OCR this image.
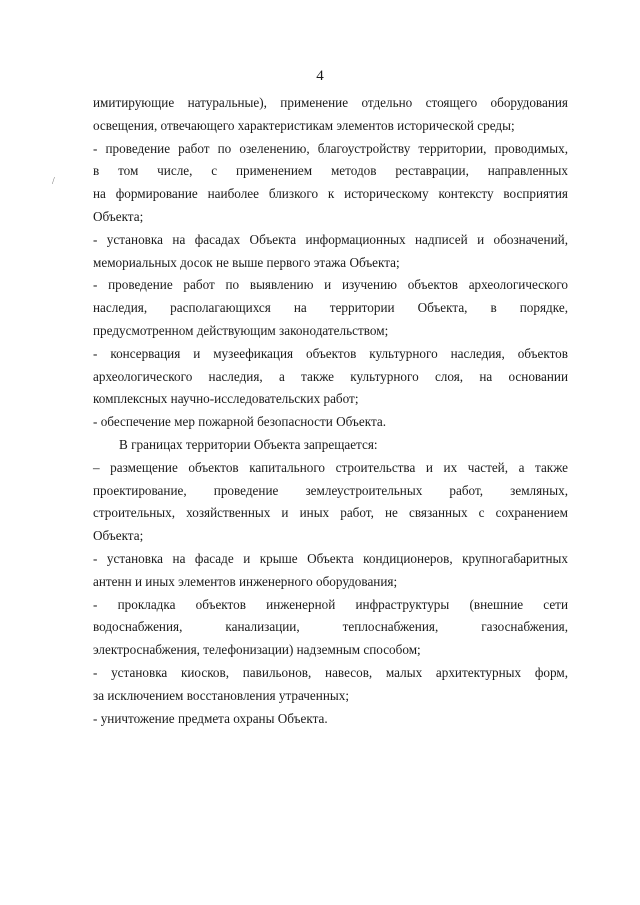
4
/
имитирующие натуральные), применение отдельно стоящего оборудования
освещения, отвечающего характеристикам элементов исторической среды;
- проведение работ по озеленению, благоустройству территории, проводимых,
в том числе, с применением методов реставрации, направленных
на формирование наиболее близкого к историческому контексту восприятия
Объекта;
- установка на фасадах Объекта информационных надписей и обозначений,
мемориальных досок не выше первого этажа Объекта;
- проведение работ по выявлению и изучению объектов археологического
наследия, располагающихся на территории Объекта, в порядке,
предусмотренном действующим законодательством;
- консервация и музеефикация объектов культурного наследия, объектов
археологического наследия, а также культурного слоя, на основании
комплексных научно-исследовательских работ;
- обеспечение мер пожарной безопасности Объекта.
В границах территории Объекта запрещается:
– размещение объектов капитального строительства и их частей, а также
проектирование, проведение землеустроительных работ, земляных,
строительных, хозяйственных и иных работ, не связанных с сохранением
Объекта;
- установка на фасаде и крыше Объекта кондиционеров, крупногабаритных
антенн и иных элементов инженерного оборудования;
- прокладка объектов инженерной инфраструктуры (внешние сети
водоснабжения, канализации, теплоснабжения, газоснабжения,
электроснабжения, телефонизации) надземным способом;
- установка киосков, павильонов, навесов, малых архитектурных форм,
за исключением восстановления утраченных;
- уничтожение предмета охраны Объекта.
